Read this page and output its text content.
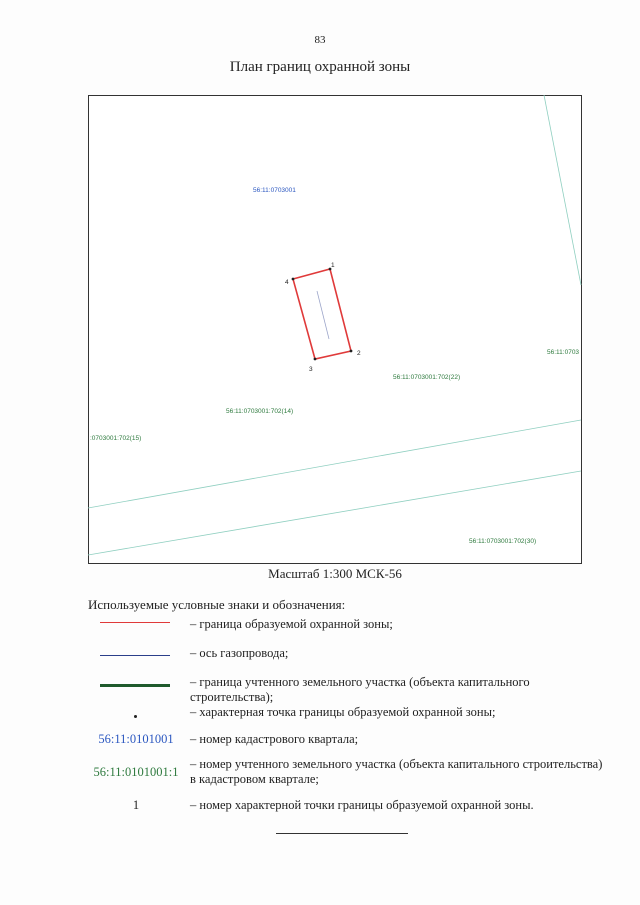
83
План границ охранной зоны
1
2
3
4
56:11:0703001
56:11:0703001:702(22)
56:11:0703001:702(14)
:0703001:702(15)
56:11:0703001:702(30)
56:11:0703
Масштаб 1:300 МСК-56
Используемые условные знаки и обозначения:
– граница образуемой охранной зоны;
– ось газопровода;
– граница учтенного земельного участка (объекта капитального строительства);
– характерная точка границы образуемой охранной зоны;
56:11:0101001	– номер кадастрового квартала;
56:11:0101001:1
– номер учтенного земельного участка (объекта капитального строительства) в кадастровом квартале;
1	– номер характерной точки границы образуемой охранной зоны.
